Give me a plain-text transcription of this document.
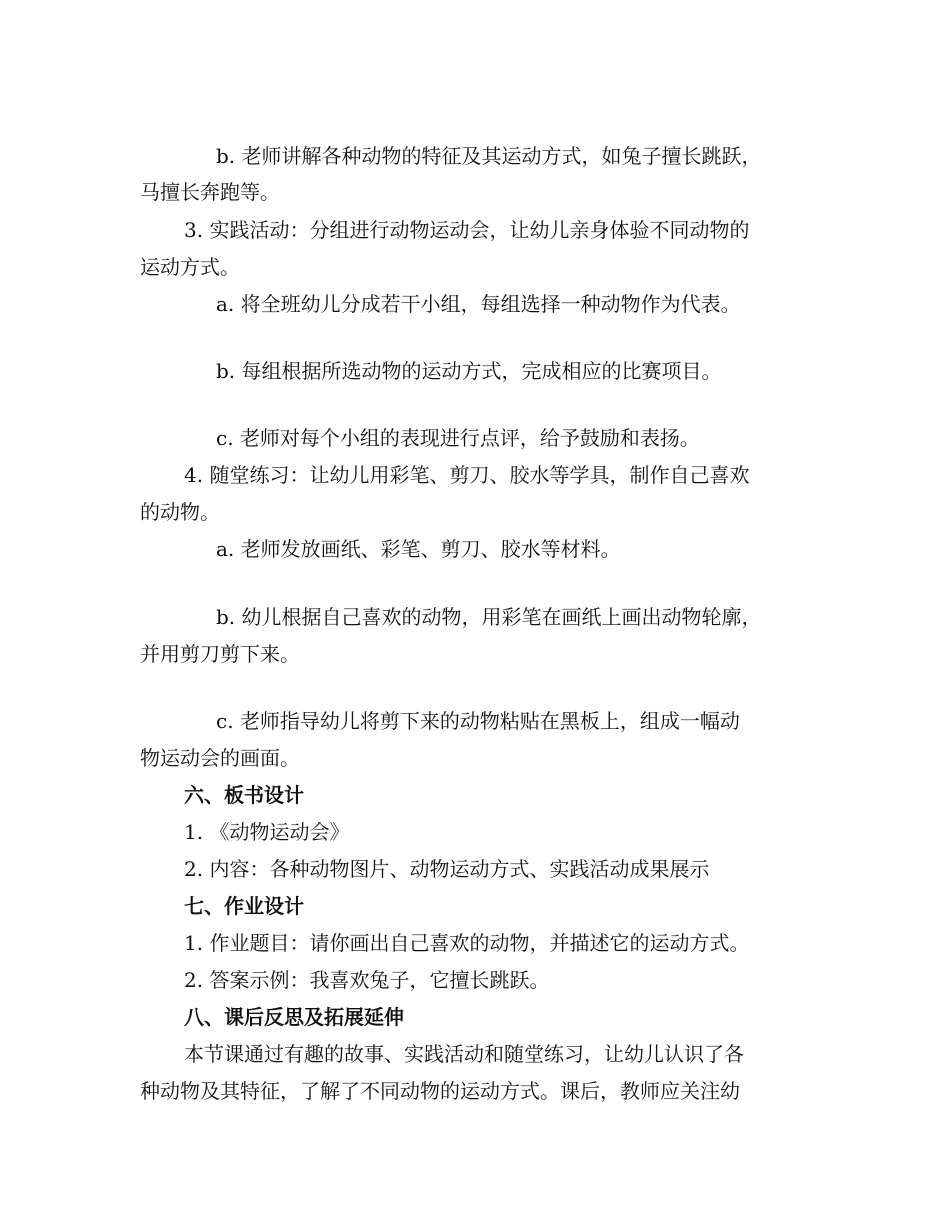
b. 老师讲解各种动物的特征及其运动方式，如兔子擅长跳跃，
马擅长奔跑等。
3. 实践活动：分组进行动物运动会，让幼儿亲身体验不同动物的
运动方式。
a. 将全班幼儿分成若干小组，每组选择一种动物作为代表。
b. 每组根据所选动物的运动方式，完成相应的比赛项目。
c. 老师对每个小组的表现进行点评，给予鼓励和表扬。
4. 随堂练习：让幼儿用彩笔、剪刀、胶水等学具，制作自己喜欢
的动物。
a. 老师发放画纸、彩笔、剪刀、胶水等材料。
b. 幼儿根据自己喜欢的动物，用彩笔在画纸上画出动物轮廓，
并用剪刀剪下来。
c. 老师指导幼儿将剪下来的动物粘贴在黑板上，组成一幅动
物运动会的画面。
六、板书设计
1. 《动物运动会》
2. 内容：各种动物图片、动物运动方式、实践活动成果展示
七、作业设计
1. 作业题目：请你画出自己喜欢的动物，并描述它的运动方式。
2. 答案示例：我喜欢兔子，它擅长跳跃。
八、课后反思及拓展延伸
本节课通过有趣的故事、实践活动和随堂练习，让幼儿认识了各
种动物及其特征，了解了不同动物的运动方式。课后，教师应关注幼
